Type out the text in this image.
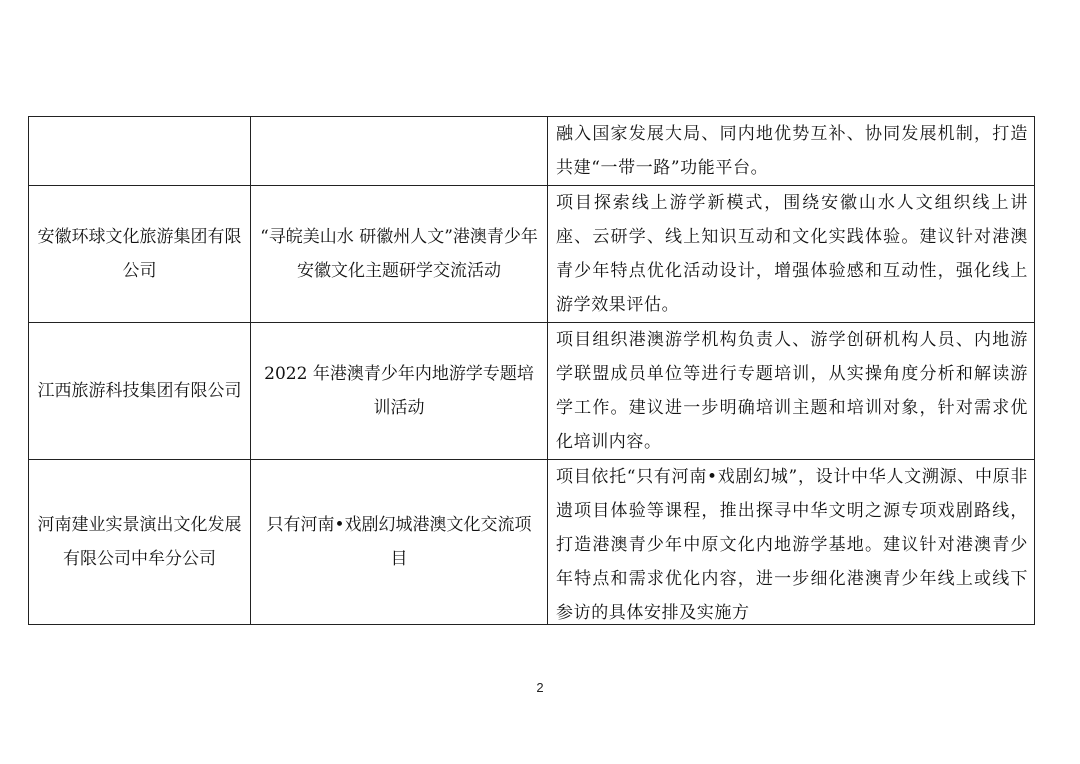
		融入国家发展大局、同内地优势互补、协同发展机制，打造共建“一带一路”功能平台。
安徽环球文化旅游集团有限公司	“寻皖美山水 研徽州人文”港澳青少年安徽文化主题研学交流活动	项目探索线上游学新模式，围绕安徽山水人文组织线上讲座、云研学、线上知识互动和文化实践体验。建议针对港澳青少年特点优化活动设计，增强体验感和互动性，强化线上游学效果评估。
江西旅游科技集团有限公司	2022 年港澳青少年内地游学专题培训活动	项目组织港澳游学机构负责人、游学创研机构人员、内地游学联盟成员单位等进行专题培训，从实操角度分析和解读游学工作。建议进一步明确培训主题和培训对象，针对需求优化培训内容。
河南建业实景演出文化发展有限公司中牟分公司	只有河南•戏剧幻城港澳文化交流项目	项目依托“只有河南•戏剧幻城”，设计中华人文溯源、中原非遗项目体验等课程，推出探寻中华文明之源专项戏剧路线，打造港澳青少年中原文化内地游学基地。建议针对港澳青少年特点和需求优化内容，进一步细化港澳青少年线上或线下参访的具体安排及实施方
2
